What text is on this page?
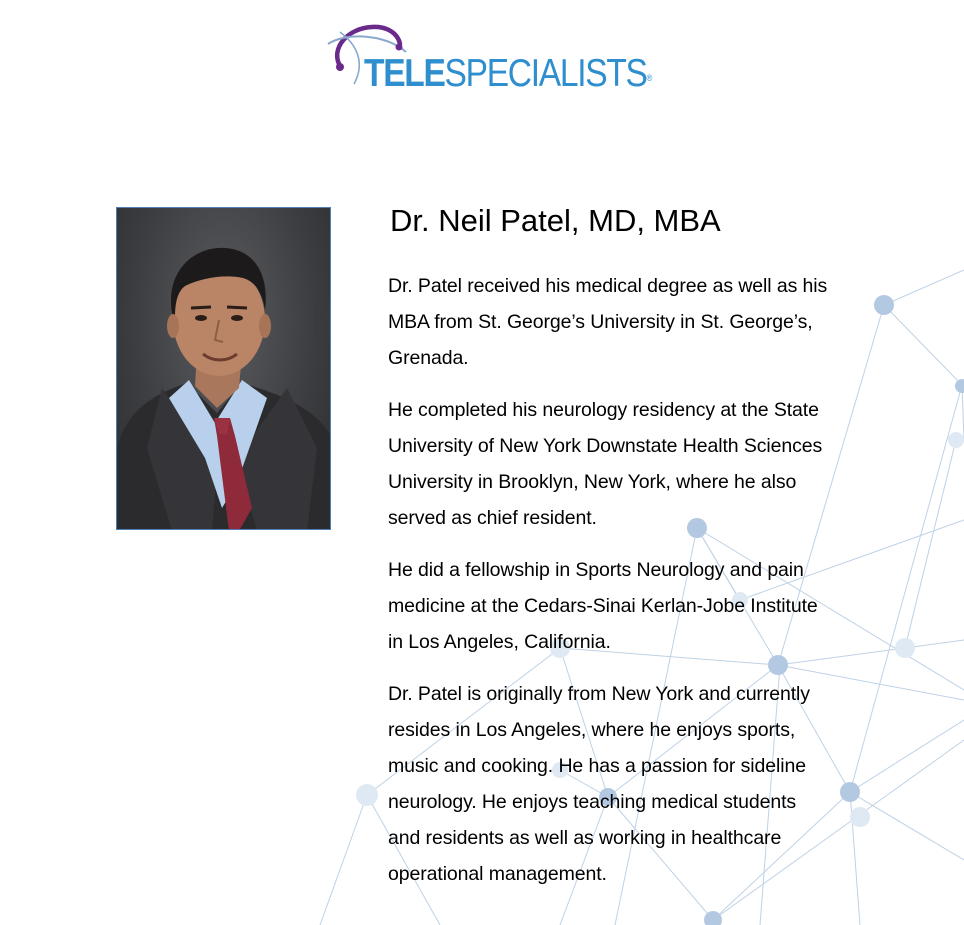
TELESPECIALISTS®
Dr. Neil Patel, MD, MBA

Dr. Patel received his medical degree as well as his
MBA from St. George’s University in St. George’s,
Grenada.

He completed his neurology residency at the State
University of New York Downstate Health Sciences
University in Brooklyn, New York, where he also
served as chief resident.

He did a fellowship in Sports Neurology and pain
medicine at the Cedars-Sinai Kerlan-Jobe Institute
in Los Angeles, California.

Dr. Patel is originally from New York and currently
resides in Los Angeles, where he enjoys sports,
music and cooking. He has a passion for sideline
neurology. He enjoys teaching medical students
and residents as well as working in healthcare
operational management.
